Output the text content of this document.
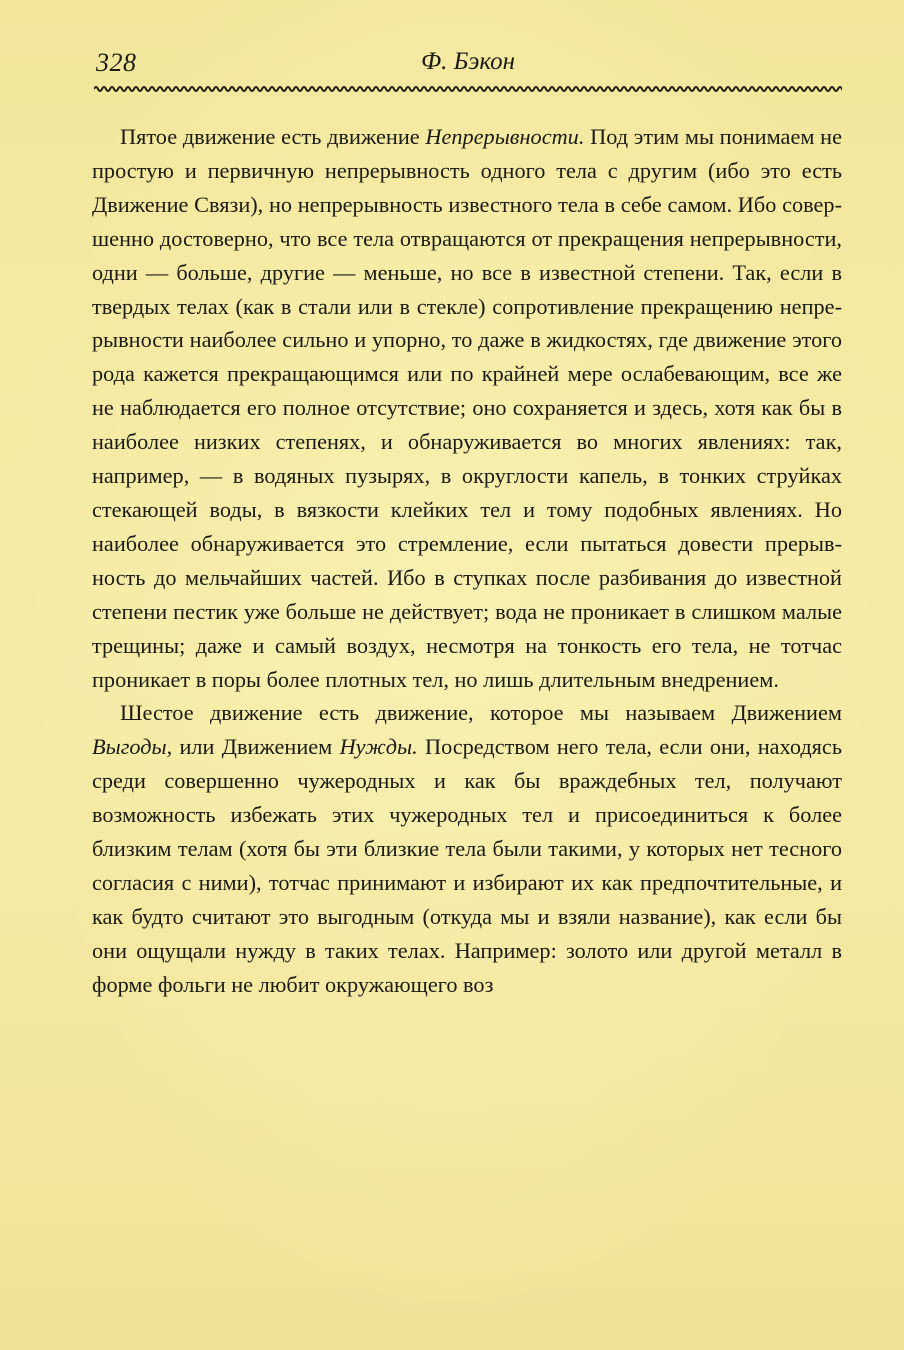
328	Ф. Бэкон

Пятое движение есть движение Непрерывности. Под этим мы понимаем не простую и первичную непрерывность одного тела с другим (ибо это есть Движение Связи), но непрерывность известного тела в себе самом. Ибо совершенно достоверно, что все тела отвращаются от прекращения непрерывности, одни — больше, другие — меньше, но все в известной степени. Так, если в твердых телах (как в стали или в стекле) сопротивление прекращению непрерывности наиболее сильно и упорно, то даже в жидкостях, где движение этого рода кажется прекращающимся или по крайней мере ослабевающим, все же не наблюдается его полное отсутствие; оно сохраняется и здесь, хотя как бы в наиболее низких степенях, и обнаруживается во многих явлениях: так, например, — в водяных пузырях, в округлости капель, в тонких струйках стекающей воды, в вязкости клейких тел и тому подобных явлениях. Но наиболее обнаруживается это стремление, если пытаться довести прерывность до мельчайших частей. Ибо в ступках после разбивания до известной степени пестик уже больше не действует; вода не проникает в слишком малые трещины; даже и самый воздух, несмотря на тонкость его тела, не тотчас проникает в поры более плотных тел, но лишь длительным внедрением.

Шестое движение есть движение, которое мы называем Движением Выгоды, или Движением Нужды. Посредством него тела, если они, находясь среди совершенно чужеродных и как бы враждебных тел, получают возможность избежать этих чужеродных тел и присоединиться к более близким телам (хотя бы эти близкие тела были такими, у которых нет тесного согласия с ними), тотчас принимают и избирают их как предпочтительные, и как будто считают это выгодным (откуда мы и взяли название), как если бы они ощущали нужду в таких телах. Например: золото или другой металл в форме фольги не любит окружающего воз
